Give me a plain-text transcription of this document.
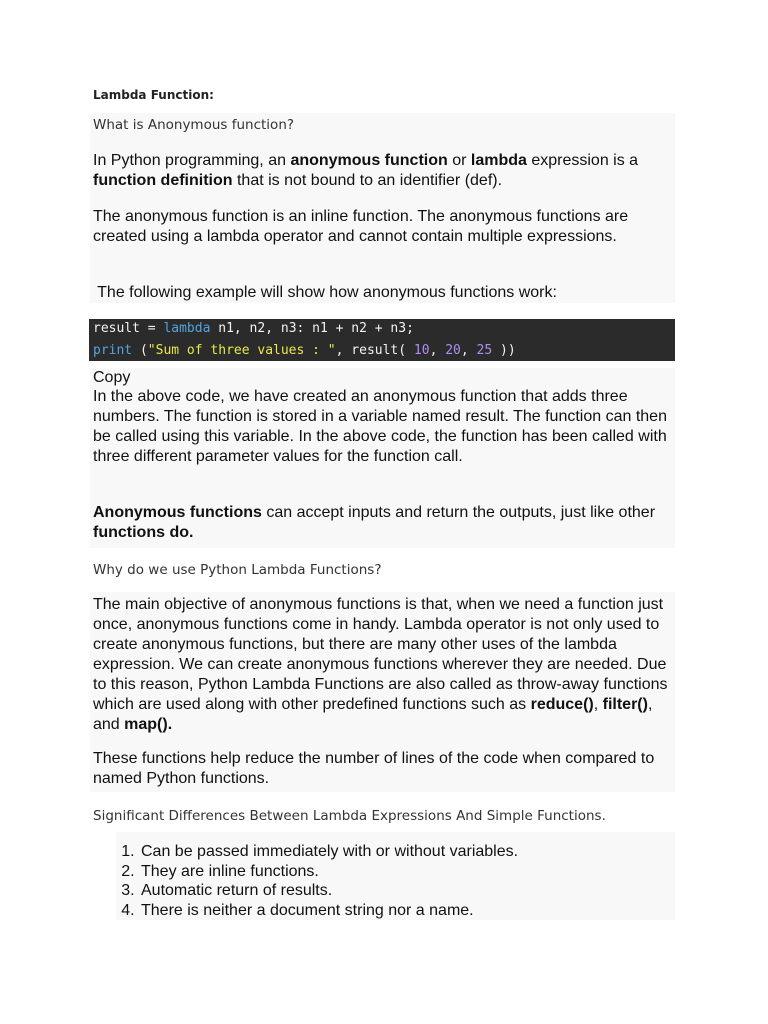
Lambda Function:
What is Anonymous function?

In Python programming, an anonymous function or lambda expression is a function definition that is not bound to an identifier (def).

The anonymous function is an inline function. The anonymous functions are created using a lambda operator and cannot contain multiple expressions.

The following example will show how anonymous functions work:

result = lambda n1, n2, n3: n1 + n2 + n3;
print ("Sum of three values : ", result( 10, 20, 25 ))
Copy

In the above code, we have created an anonymous function that adds three numbers. The function is stored in a variable named result. The function can then be called using this variable. In the above code, the function has been called with three different parameter values for the function call.

Anonymous functions can accept inputs and return the outputs, just like other functions do.

Why do we use Python Lambda Functions?

The main objective of anonymous functions is that, when we need a function just once, anonymous functions come in handy. Lambda operator is not only used to create anonymous functions, but there are many other uses of the lambda expression. We can create anonymous functions wherever they are needed. Due to this reason, Python Lambda Functions are also called as throw-away functions which are used along with other predefined functions such as reduce(), filter(), and map().

These functions help reduce the number of lines of the code when compared to named Python functions.

Significant Differences Between Lambda Expressions And Simple Functions.
1. Can be passed immediately with or without variables.
2. They are inline functions.
3. Automatic return of results.
4. There is neither a document string nor a name.
